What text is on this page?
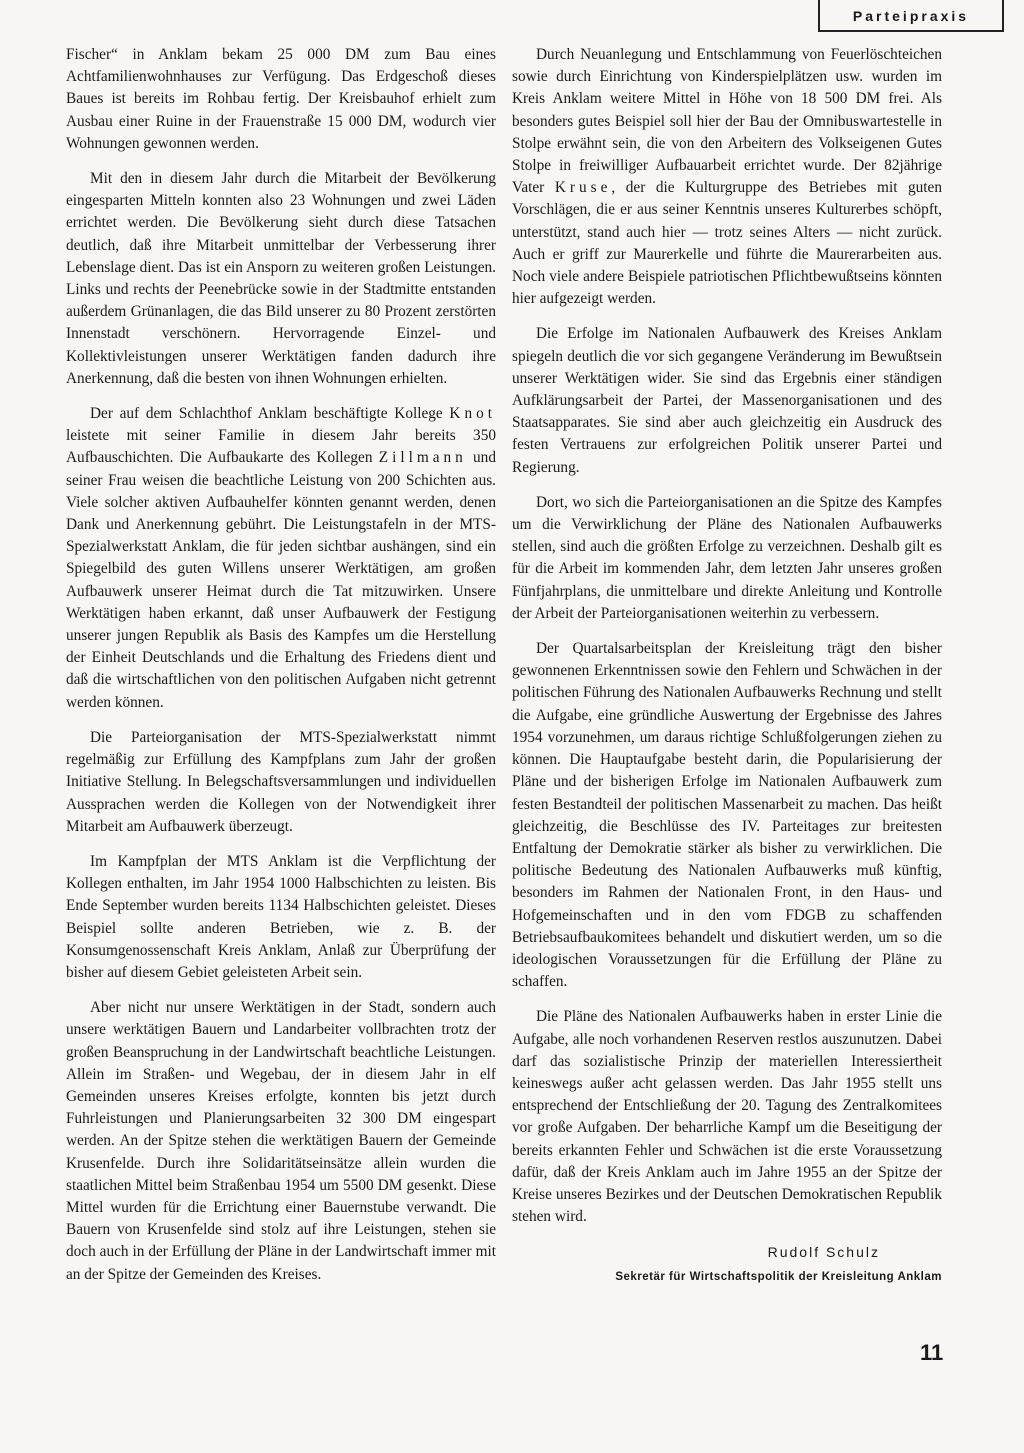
Parteipraxis

Fischer“ in Anklam bekam 25 000 DM zum Bau eines Achtfamilienwohnhauses zur Verfügung. Das Erdgeschoß dieses Baues ist bereits im Rohbau fertig. Der Kreisbauhof erhielt zum Ausbau einer Ruine in der Frauenstraße 15 000 DM, wodurch vier Wohnungen gewonnen werden.

Mit den in diesem Jahr durch die Mitarbeit der Bevölkerung eingesparten Mitteln konnten also 23 Wohnungen und zwei Läden errichtet werden. Die Bevölkerung sieht durch diese Tatsachen deutlich, daß ihre Mitarbeit unmittelbar der Verbesserung ihrer Lebenslage dient. Das ist ein Ansporn zu weiteren großen Leistungen. Links und rechts der Peenebrücke sowie in der Stadtmitte entstanden außerdem Grünanlagen, die das Bild unserer zu 80 Prozent zerstörten Innenstadt verschönern. Hervorragende Einzel- und Kollektivleistungen unserer Werktätigen fanden dadurch ihre Anerkennung, daß die besten von ihnen Wohnungen erhielten.

Der auf dem Schlachthof Anklam beschäftigte Kollege Knot leistete mit seiner Familie in diesem Jahr bereits 350 Aufbauschichten. Die Aufbaukarte des Kollegen Zillmann und seiner Frau weisen die beachtliche Leistung von 200 Schichten aus. Viele solcher aktiven Aufbauhelfer könnten genannt werden, denen Dank und Anerkennung gebührt. Die Leistungstafeln in der MTS-Spezialwerkstatt Anklam, die für jeden sichtbar aushängen, sind ein Spiegelbild des guten Willens unserer Werktätigen, am großen Aufbauwerk unserer Heimat durch die Tat mitzuwirken. Unsere Werktätigen haben erkannt, daß unser Aufbauwerk der Festigung unserer jungen Republik als Basis des Kampfes um die Herstellung der Einheit Deutschlands und die Erhaltung des Friedens dient und daß die wirtschaftlichen von den politischen Aufgaben nicht getrennt werden können.

Die Parteiorganisation der MTS-Spezialwerkstatt nimmt regelmäßig zur Erfüllung des Kampfplans zum Jahr der großen Initiative Stellung. In Belegschaftsversammlungen und individuellen Aussprachen werden die Kollegen von der Notwendigkeit ihrer Mitarbeit am Aufbauwerk überzeugt.

Im Kampfplan der MTS Anklam ist die Verpflichtung der Kollegen enthalten, im Jahr 1954 1000 Halbschichten zu leisten. Bis Ende September wurden bereits 1134 Halbschichten geleistet. Dieses Beispiel sollte anderen Betrieben, wie z. B. der Konsumgenossenschaft Kreis Anklam, Anlaß zur Überprüfung der bisher auf diesem Gebiet geleisteten Arbeit sein.

Aber nicht nur unsere Werktätigen in der Stadt, sondern auch unsere werktätigen Bauern und Landarbeiter vollbrachten trotz der großen Beanspruchung in der Landwirtschaft beachtliche Leistungen. Allein im Straßen- und Wegebau, der in diesem Jahr in elf Gemeinden unseres Kreises erfolgte, konnten bis jetzt durch Fuhrleistungen und Planierungsarbeiten 32 300 DM eingespart werden. An der Spitze stehen die werktätigen Bauern der Gemeinde Krusenfelde. Durch ihre Solidaritätseinsätze allein wurden die staatlichen Mittel beim Straßenbau 1954 um 5500 DM gesenkt. Diese Mittel wurden für die Errichtung einer Bauernstube verwandt. Die Bauern von Krusenfelde sind stolz auf ihre Leistungen, stehen sie doch auch in der Erfüllung der Pläne in der Landwirtschaft immer mit an der Spitze der Gemeinden des Kreises.

Durch Neuanlegung und Entschlammung von Feuerlöschteichen sowie durch Einrichtung von Kinderspielplätzen usw. wurden im Kreis Anklam weitere Mittel in Höhe von 18 500 DM frei. Als besonders gutes Beispiel soll hier der Bau der Omnibuswartestelle in Stolpe erwähnt sein, die von den Arbeitern des Volkseigenen Gutes Stolpe in freiwilliger Aufbauarbeit errichtet wurde. Der 82jährige Vater Kruse, der die Kulturgruppe des Betriebes mit guten Vorschlägen, die er aus seiner Kenntnis unseres Kulturerbes schöpft, unterstützt, stand auch hier — trotz seines Alters — nicht zurück. Auch er griff zur Maurerkelle und führte die Maurerarbeiten aus. Noch viele andere Beispiele patriotischen Pflichtbewußtseins könnten hier aufgezeigt werden.

Die Erfolge im Nationalen Aufbauwerk des Kreises Anklam spiegeln deutlich die vor sich gegangene Veränderung im Bewußtsein unserer Werktätigen wider. Sie sind das Ergebnis einer ständigen Aufklärungsarbeit der Partei, der Massenorganisationen und des Staatsapparates. Sie sind aber auch gleichzeitig ein Ausdruck des festen Vertrauens zur erfolgreichen Politik unserer Partei und Regierung.

Dort, wo sich die Parteiorganisationen an die Spitze des Kampfes um die Verwirklichung der Pläne des Nationalen Aufbauwerks stellen, sind auch die größten Erfolge zu verzeichnen. Deshalb gilt es für die Arbeit im kommenden Jahr, dem letzten Jahr unseres großen Fünfjahrplans, die unmittelbare und direkte Anleitung und Kontrolle der Arbeit der Parteiorganisationen weiterhin zu verbessern.

Der Quartalsarbeitsplan der Kreisleitung trägt den bisher gewonnenen Erkenntnissen sowie den Fehlern und Schwächen in der politischen Führung des Nationalen Aufbauwerks Rechnung und stellt die Aufgabe, eine gründliche Auswertung der Ergebnisse des Jahres 1954 vorzunehmen, um daraus richtige Schlußfolgerungen ziehen zu können. Die Hauptaufgabe besteht darin, die Popularisierung der Pläne und der bisherigen Erfolge im Nationalen Aufbauwerk zum festen Bestandteil der politischen Massenarbeit zu machen. Das heißt gleichzeitig, die Beschlüsse des IV. Parteitages zur breitesten Entfaltung der Demokratie stärker als bisher zu verwirklichen. Die politische Bedeutung des Nationalen Aufbauwerks muß künftig, besonders im Rahmen der Nationalen Front, in den Haus- und Hofgemeinschaften und in den vom FDGB zu schaffenden Betriebsaufbaukomitees behandelt und diskutiert werden, um so die ideologischen Voraussetzungen für die Erfüllung der Pläne zu schaffen.

Die Pläne des Nationalen Aufbauwerks haben in erster Linie die Aufgabe, alle noch vorhandenen Reserven restlos auszunutzen. Dabei darf das sozialistische Prinzip der materiellen Interessiertheit keineswegs außer acht gelassen werden. Das Jahr 1955 stellt uns entsprechend der Entschließung der 20. Tagung des Zentralkomitees vor große Aufgaben. Der beharrliche Kampf um die Beseitigung der bereits erkannten Fehler und Schwächen ist die erste Voraussetzung dafür, daß der Kreis Anklam auch im Jahre 1955 an der Spitze der Kreise unseres Bezirkes und der Deutschen Demokratischen Republik stehen wird.

Rudolf Schulz
Sekretär für Wirtschaftspolitik der Kreisleitung Anklam
11
